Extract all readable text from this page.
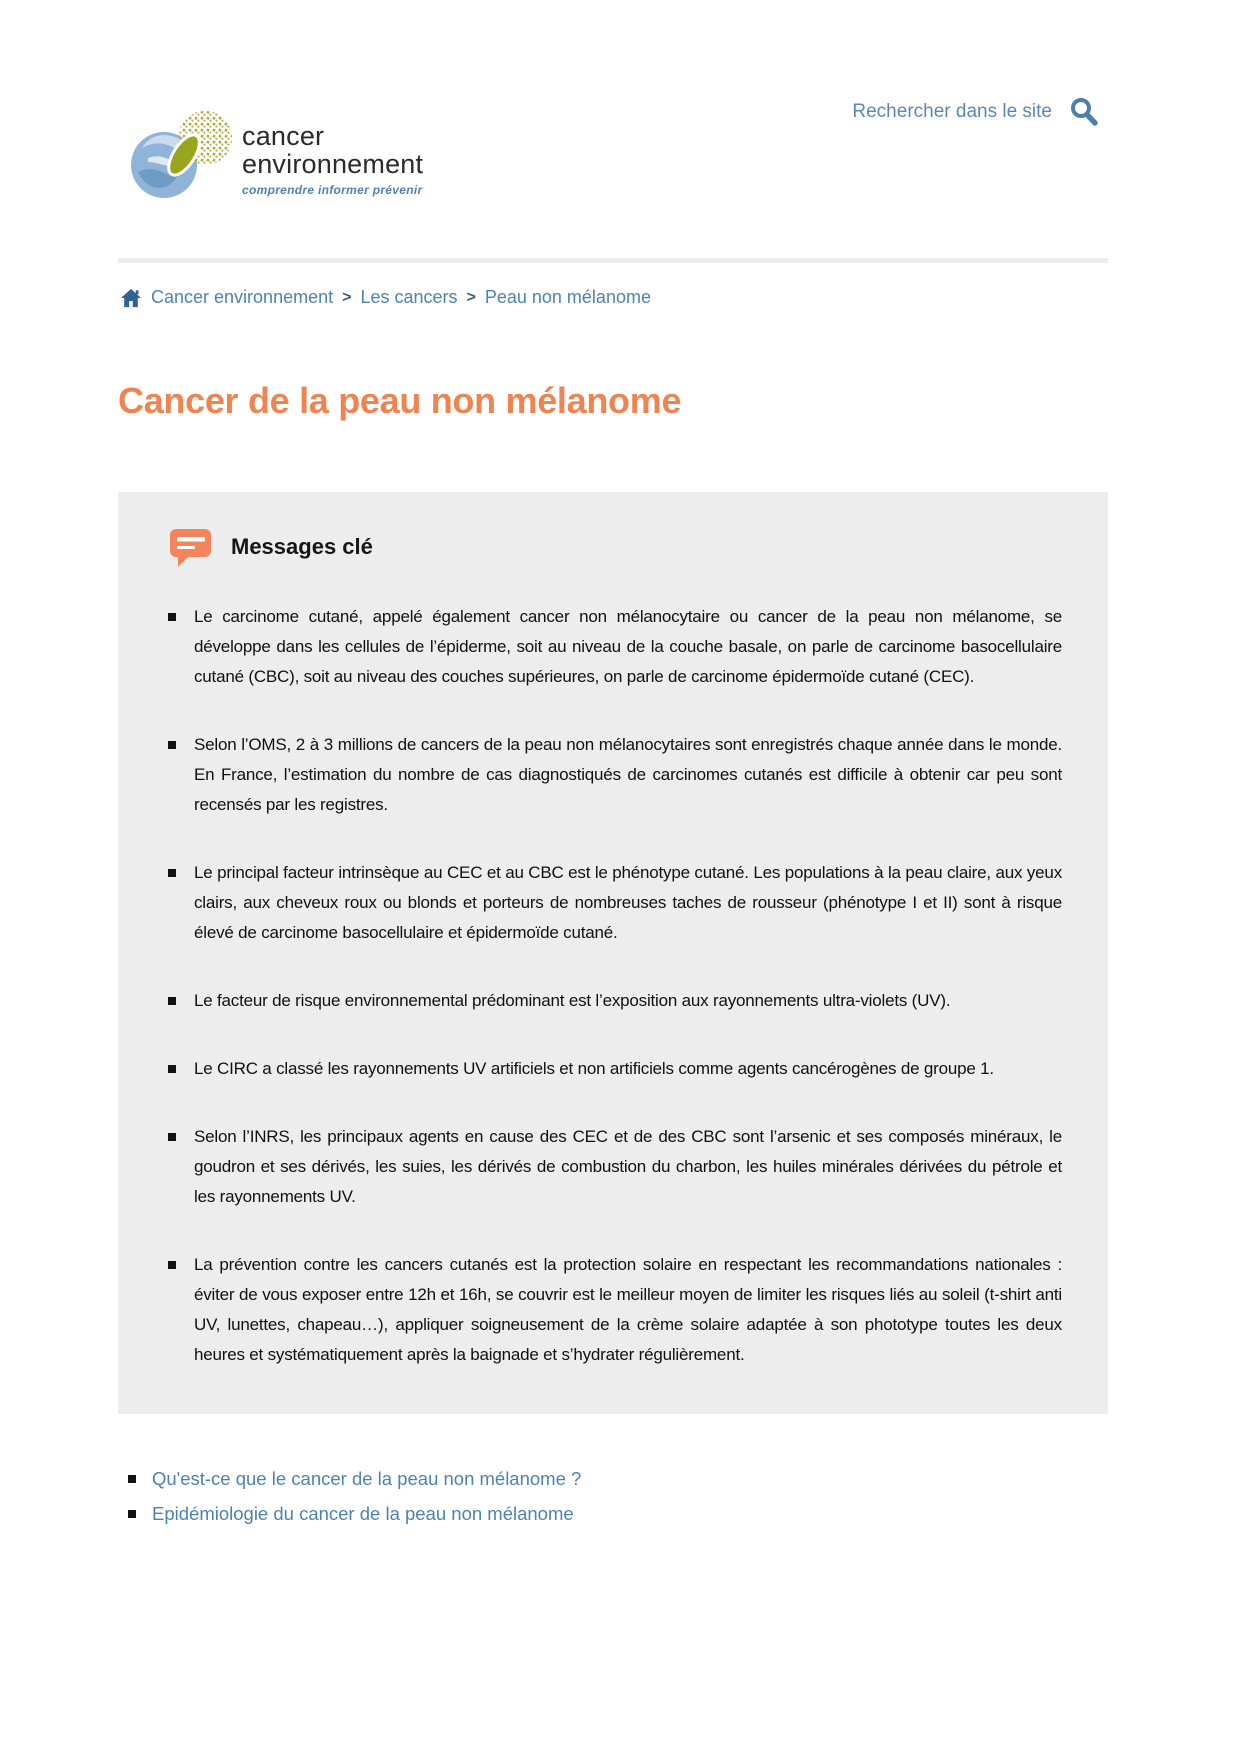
cancer
environnement
comprendre informer prévenir
Rechercher dans le site
Cancer environnement > Les cancers > Peau non mélanome
Cancer de la peau non mélanome
Messages clé
Le carcinome cutané, appelé également cancer non mélanocytaire ou cancer de la peau non mélanome, se développe dans les cellules de l’épiderme, soit au niveau de la couche basale, on parle de carcinome basocellulaire cutané (CBC), soit au niveau des couches supérieures, on parle de carcinome épidermoïde cutané (CEC).
Selon l’OMS, 2 à 3 millions de cancers de la peau non mélanocytaires sont enregistrés chaque année dans le monde. En France, l’estimation du nombre de cas diagnostiqués de carcinomes cutanés est difficile à obtenir car peu sont recensés par les registres.
Le principal facteur intrinsèque au CEC et au CBC est le phénotype cutané. Les populations à la peau claire, aux yeux clairs, aux cheveux roux ou blonds et porteurs de nombreuses taches de rousseur (phénotype I et II) sont à risque élevé de carcinome basocellulaire et épidermoïde cutané.
Le facteur de risque environnemental prédominant est l’exposition aux rayonnements ultra-violets (UV).
Le CIRC a classé les rayonnements UV artificiels et non artificiels comme agents cancérogènes de groupe 1.
Selon l’INRS, les principaux agents en cause des CEC et de des CBC sont l’arsenic et ses composés minéraux, le goudron et ses dérivés, les suies, les dérivés de combustion du charbon, les huiles minérales dérivées du pétrole et les rayonnements UV.
La prévention contre les cancers cutanés est la protection solaire en respectant les recommandations nationales : éviter de vous exposer entre 12h et 16h, se couvrir est le meilleur moyen de limiter les risques liés au soleil (t-shirt anti UV, lunettes, chapeau…), appliquer soigneusement de la crème solaire adaptée à son phototype toutes les deux heures et systématiquement après la baignade et s’hydrater régulièrement.
Qu'est-ce que le cancer de la peau non mélanome ?
Epidémiologie du cancer de la peau non mélanome
